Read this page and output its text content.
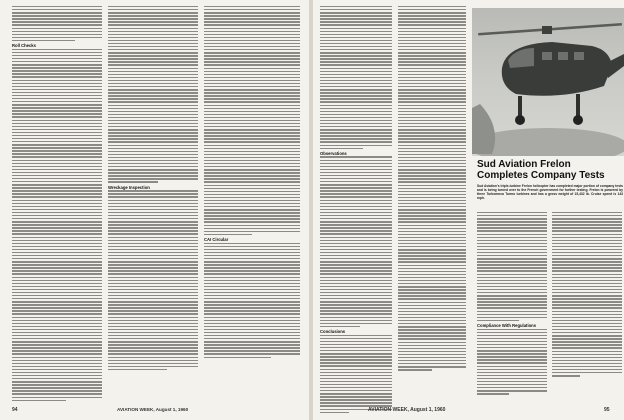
Roll Checks
Wreckage Inspection
CAI Circular
94	AVIATION WEEK, August 1, 1960
Observations
Conclusions
Sud Aviation Frelon Completes Company Tests
Sud Aviation's triple-turbine Frelon helicopter has completed major portion of company tests and is being turned over to the French government for further testing. Frelon is powered by three Turbomeca Turmo turbines and has a gross weight of 15,432 lb. Cruise speed is 143 mph.
Compliance With Regulations
AVIATION WEEK, August 1, 1960	95
